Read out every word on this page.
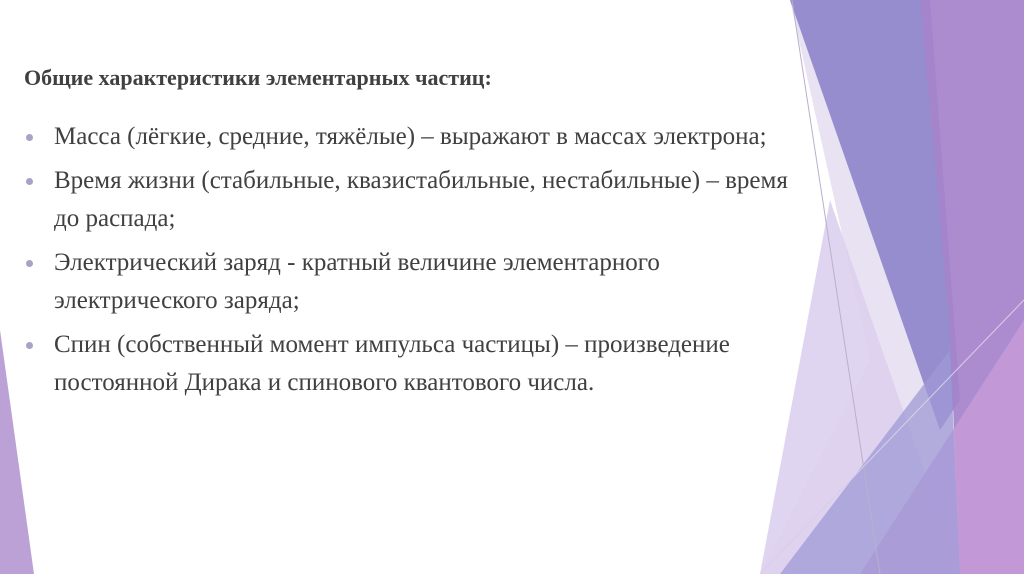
Общие характеристики элементарных частиц:
Масса (лёгкие, средние, тяжёлые) – выражают в массах электрона;
Время жизни (стабильные, квазистабильные, нестабильные) – время до распада;
Электрический заряд - кратный величине элементарного электрического заряда;
Спин (собственный момент импульса частицы) – произведение постоянной Дирака и спинового квантового числа.
